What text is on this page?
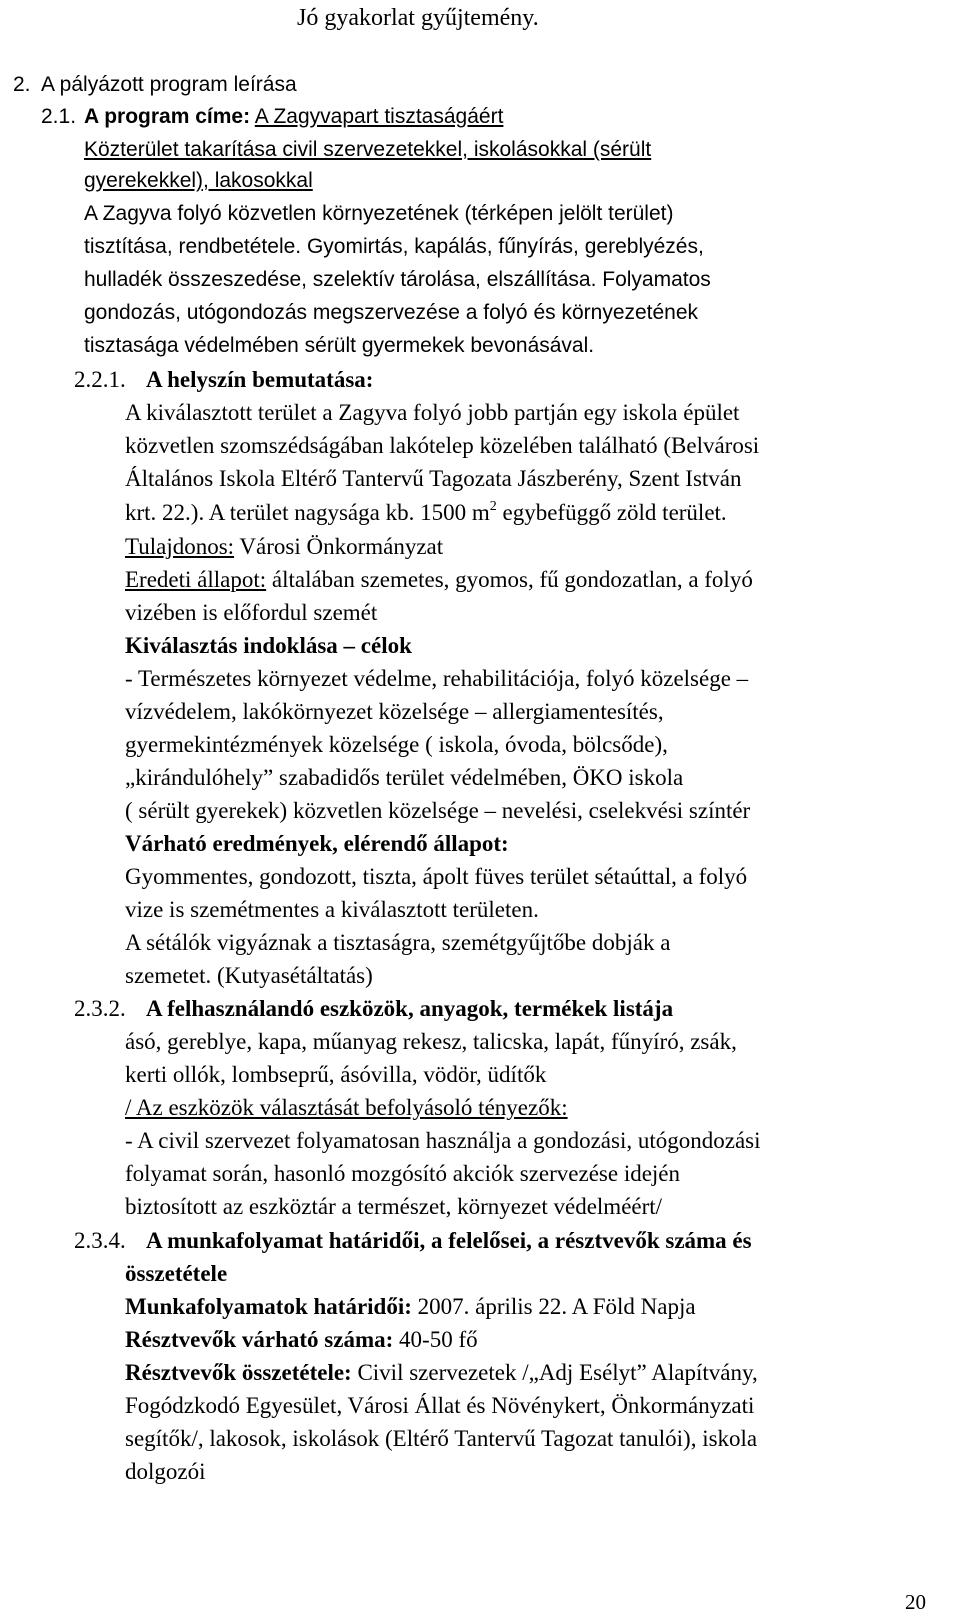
Jó gyakorlat gyűjtemény.
2. A pályázott program leírása
2.1. A program címe: A Zagyvapart tisztaságáért
Közterület takarítása civil szervezetekkel, iskolásokkal (sérült
gyerekekkel), lakosokkal
A Zagyva folyó közvetlen környezetének (térképen jelölt terület)
tisztítása, rendbetétele. Gyomirtás, kapálás, fűnyírás, gereblyézés,
hulladék összeszedése, szelektív tárolása, elszállítása. Folyamatos
gondozás, utógondozás megszervezése a folyó és környezetének
tisztasága védelmében sérült gyermekek bevonásával.
2.2.1. A helyszín bemutatása:
A kiválasztott terület a Zagyva folyó jobb partján egy iskola épület
közvetlen szomszédságában lakótelep közelében található (Belvárosi
Általános Iskola Eltérő Tantervű Tagozata Jászberény, Szent István
krt. 22.). A terület nagysága kb. 1500 $m^2$ egybefüggő zöld terület.
Tulajdonos: Városi Önkormányzat
Eredeti állapot: általában szemetes, gyomos, fű gondozatlan, a folyó
vizében is előfordul szemét
Kiválasztás indoklása – célok
- Természetes környezet védelme, rehabilitációja, folyó közelsége –
vízvédelem, lakókörnyezet közelsége – allergiamentesítés,
gyermekintézmények közelsége ( iskola, óvoda, bölcsőde),
„kirándulóhely” szabadidős terület védelmében, ÖKO iskola
( sérült gyerekek) közvetlen közelsége – nevelési, cselekvési színtér
Várható eredmények, elérendő állapot:
Gyommentes, gondozott, tiszta, ápolt füves terület sétaúttal, a folyó
vize is szemétmentes a kiválasztott területen.
A sétálók vigyáznak a tisztaságra, szemétgyűjtőbe dobják a
szemetet. (Kutyasétáltatás)
2.3.2. A felhasználandó eszközök, anyagok, termékek listája
ásó, gereblye, kapa, műanyag rekesz, talicska, lapát, fűnyíró, zsák,
kerti ollók, lombseprű, ásóvilla, vödör, üdítők
/ Az eszközök választását befolyásoló tényezők:
- A civil szervezet folyamatosan használja a gondozási, utógondozási
folyamat során, hasonló mozgósító akciók szervezése idején
biztosított az eszköztár a természet, környezet védelméért/
2.3.4. A munkafolyamat határidői, a felelősei, a résztvevők száma és
összetétele
Munkafolyamatok határidői: 2007. április 22. A Föld Napja
Résztvevők várható száma: 40-50 fő
Résztvevők összetétele: Civil szervezetek /„Adj Esélyt” Alapítvány,
Fogódzkodó Egyesület, Városi Állat és Növénykert, Önkormányzati
segítők/, lakosok, iskolások (Eltérő Tantervű Tagozat tanulói), iskola
dolgozói
20
